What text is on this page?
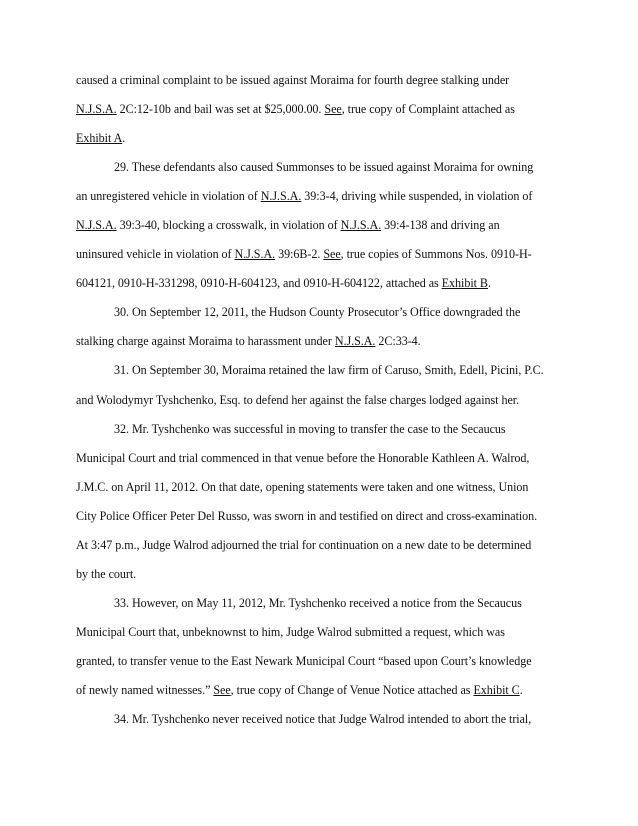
caused a criminal complaint to be issued against Moraima for fourth degree stalking under
N.J.S.A. 2C:12-10b and bail was set at $25,000.00. See, true copy of Complaint attached as
Exhibit A.
29. These defendants also caused Summonses to be issued against Moraima for owning
an unregistered vehicle in violation of N.J.S.A. 39:3-4, driving while suspended, in violation of
N.J.S.A. 39:3-40, blocking a crosswalk, in violation of N.J.S.A. 39:4-138 and driving an
uninsured vehicle in violation of N.J.S.A. 39:6B-2. See, true copies of Summons Nos. 0910-H-
604121, 0910-H-331298, 0910-H-604123, and 0910-H-604122, attached as Exhibit B.
30. On September 12, 2011, the Hudson County Prosecutor’s Office downgraded the
stalking charge against Moraima to harassment under N.J.S.A. 2C:33-4.
31. On September 30, Moraima retained the law firm of Caruso, Smith, Edell, Picini, P.C.
and Wolodymyr Tyshchenko, Esq. to defend her against the false charges lodged against her.
32. Mr. Tyshchenko was successful in moving to transfer the case to the Secaucus
Municipal Court and trial commenced in that venue before the Honorable Kathleen A. Walrod,
J.M.C. on April 11, 2012. On that date, opening statements were taken and one witness, Union
City Police Officer Peter Del Russo, was sworn in and testified on direct and cross-examination.
At 3:47 p.m., Judge Walrod adjourned the trial for continuation on a new date to be determined
by the court.
33. However, on May 11, 2012, Mr. Tyshchenko received a notice from the Secaucus
Municipal Court that, unbeknownst to him, Judge Walrod submitted a request, which was
granted, to transfer venue to the East Newark Municipal Court “based upon Court’s knowledge
of newly named witnesses.” See, true copy of Change of Venue Notice attached as Exhibit C.
34. Mr. Tyshchenko never received notice that Judge Walrod intended to abort the trial,
